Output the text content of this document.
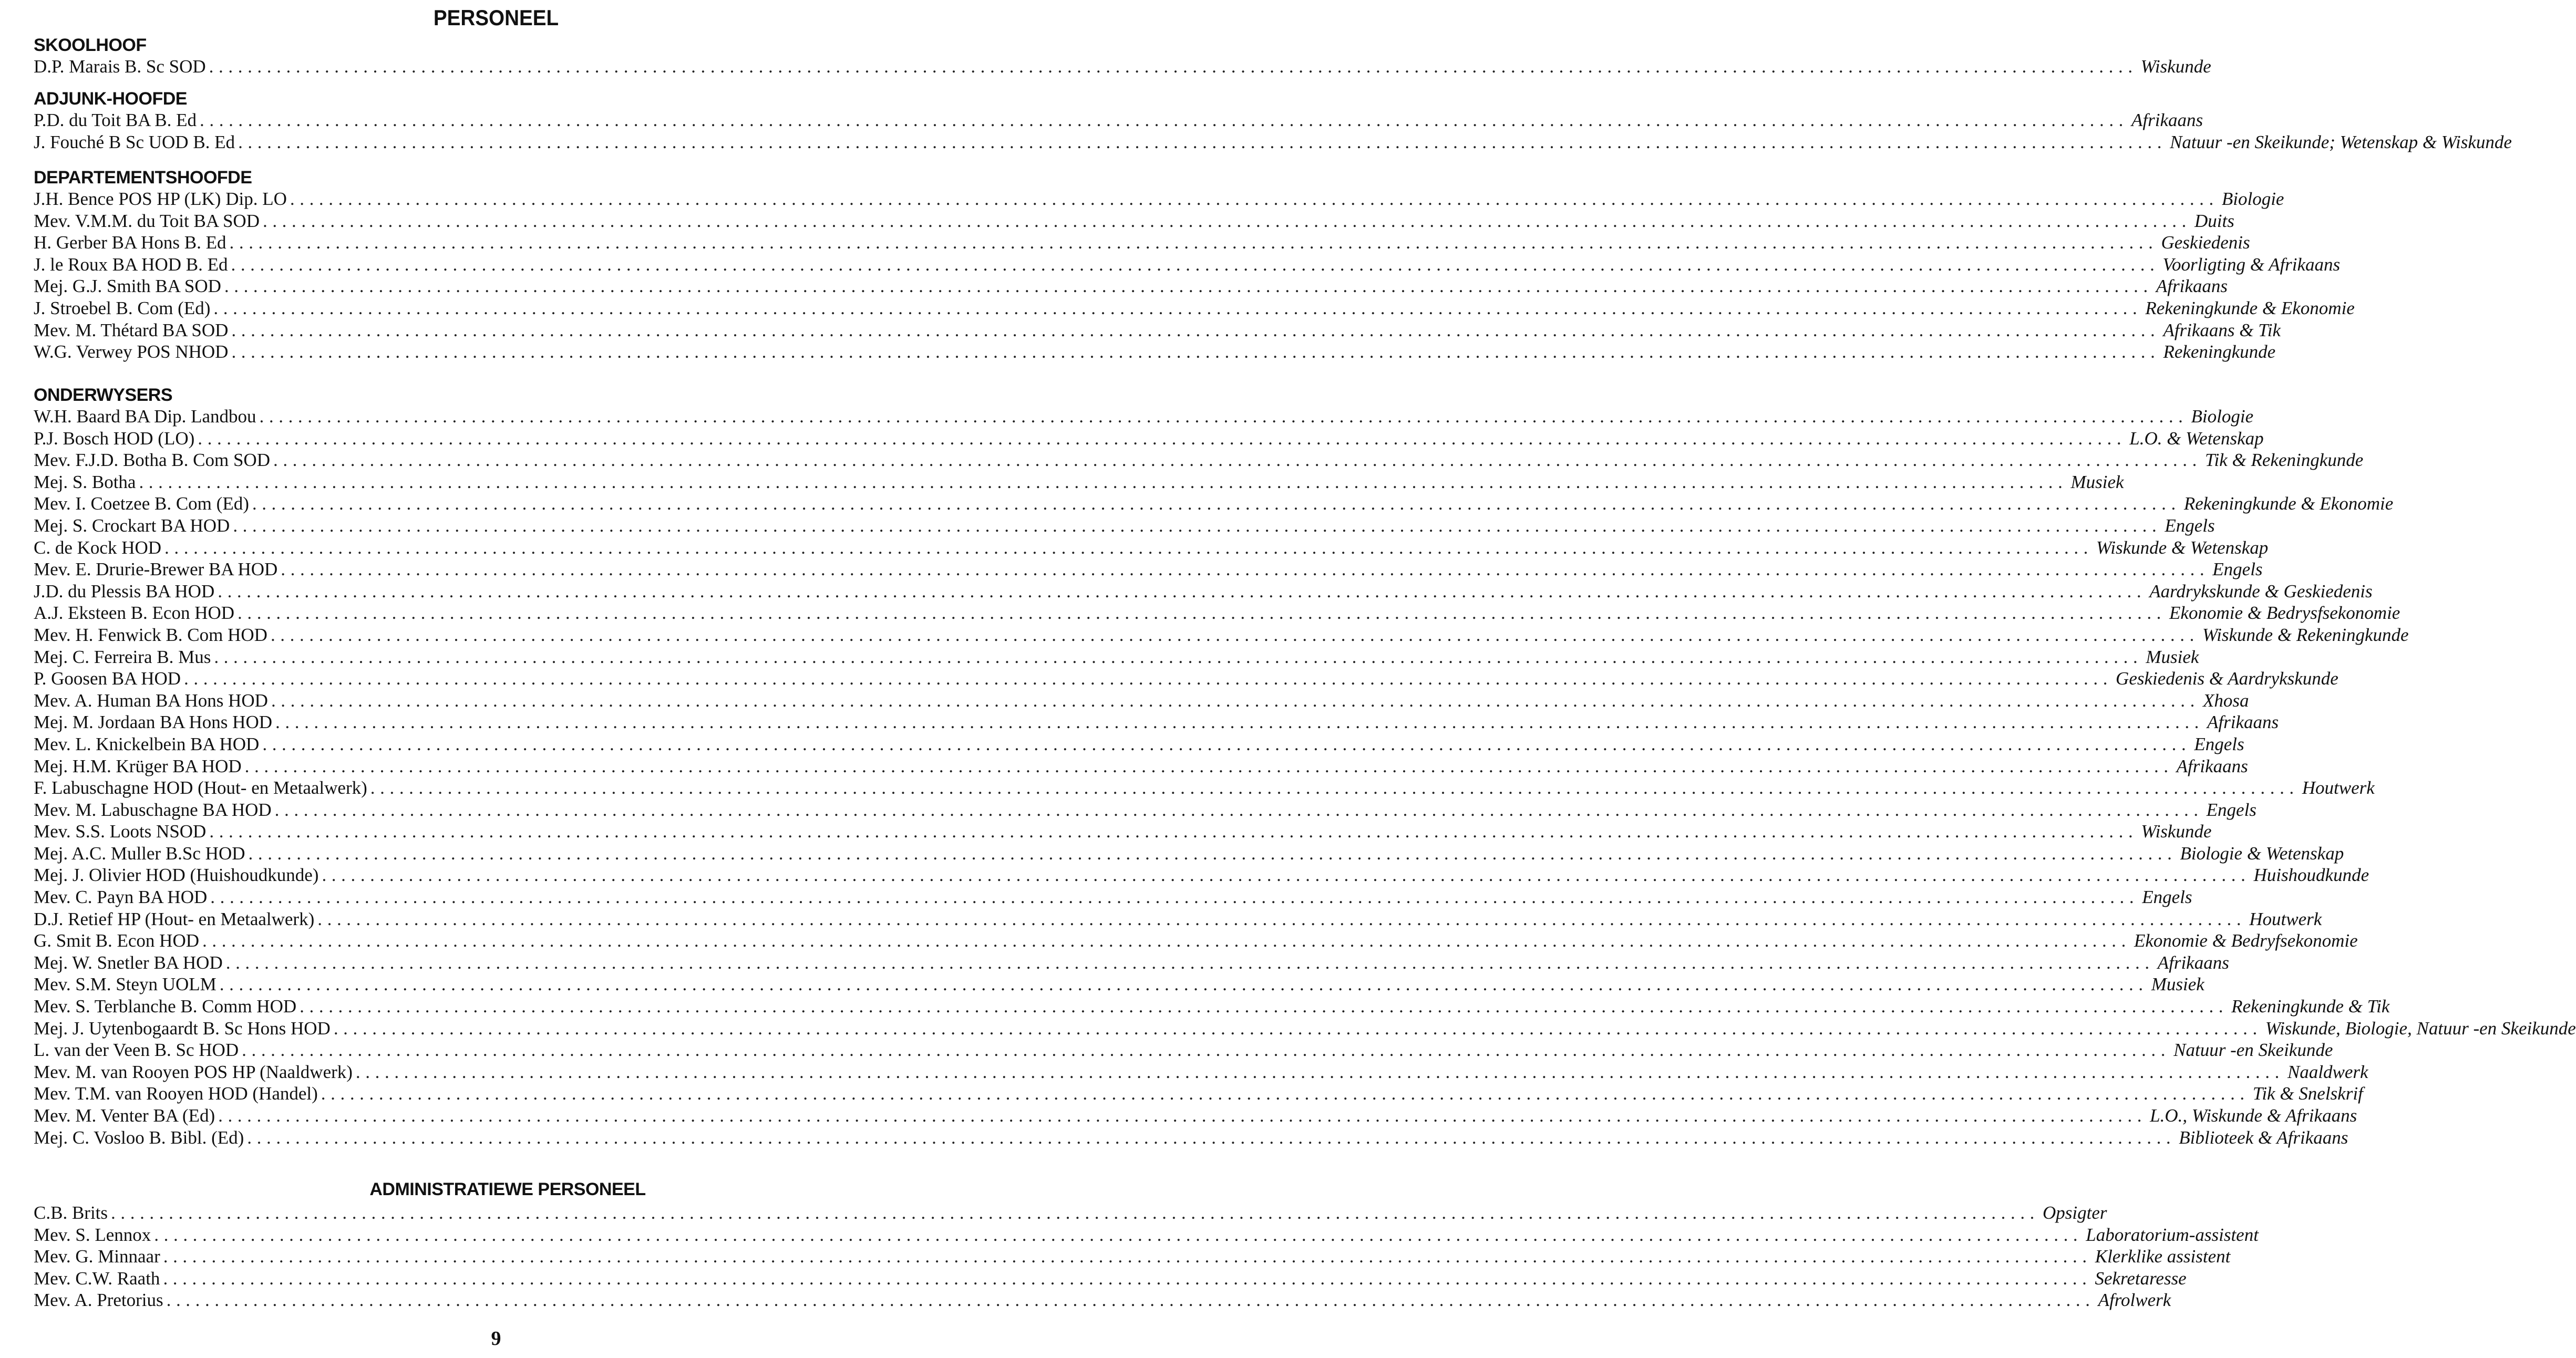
PERSONEEL
SKOOLHOOF
D.P. Marais B. Sc SOD ........................................................................................................................................................................................................ Wiskunde
ADJUNK-HOOFDE
P.D. du Toit BA B. Ed ........................................................................................................................................................................................................ Afrikaans
J. Fouché B Sc UOD B. Ed ........................................................................................................................................................................................................ Natuur -en Skeikunde; Wetenskap & Wiskunde
DEPARTEMENTSHOOFDE
J.H. Bence POS HP (LK) Dip. LO ........................................................................................................................................................................................................ Biologie
Mev. V.M.M. du Toit BA SOD ........................................................................................................................................................................................................ Duits
H. Gerber BA Hons B. Ed ........................................................................................................................................................................................................ Geskiedenis
J. le Roux BA HOD B. Ed ........................................................................................................................................................................................................ Voorligting & Afrikaans
Mej. G.J. Smith BA SOD ........................................................................................................................................................................................................ Afrikaans
J. Stroebel B. Com (Ed) ........................................................................................................................................................................................................ Rekeningkunde & Ekonomie
Mev. M. Thétard BA SOD ........................................................................................................................................................................................................ Afrikaans & Tik
W.G. Verwey POS NHOD ........................................................................................................................................................................................................ Rekeningkunde
ONDERWYSERS
W.H. Baard BA Dip. Landbou ........................................................................................................................................................................................................ Biologie
P.J. Bosch HOD (LO) ........................................................................................................................................................................................................ L.O. & Wetenskap
Mev. F.J.D. Botha B. Com SOD ........................................................................................................................................................................................................ Tik & Rekeningkunde
Mej. S. Botha ........................................................................................................................................................................................................ Musiek
Mev. I. Coetzee B. Com (Ed) ........................................................................................................................................................................................................ Rekeningkunde & Ekonomie
Mej. S. Crockart BA HOD ........................................................................................................................................................................................................ Engels
C. de Kock HOD ........................................................................................................................................................................................................ Wiskunde & Wetenskap
Mev. E. Drurie-Brewer BA HOD ........................................................................................................................................................................................................ Engels
J.D. du Plessis BA HOD ........................................................................................................................................................................................................ Aardrykskunde & Geskiedenis
A.J. Eksteen B. Econ HOD ........................................................................................................................................................................................................ Ekonomie & Bedrysfsekonomie
Mev. H. Fenwick B. Com HOD ........................................................................................................................................................................................................ Wiskunde & Rekeningkunde
Mej. C. Ferreira B. Mus ........................................................................................................................................................................................................ Musiek
P. Goosen BA HOD ........................................................................................................................................................................................................ Geskiedenis & Aardrykskunde
Mev. A. Human BA Hons HOD ........................................................................................................................................................................................................ Xhosa
Mej. M. Jordaan BA Hons HOD ........................................................................................................................................................................................................ Afrikaans
Mev. L. Knickelbein BA HOD ........................................................................................................................................................................................................ Engels
Mej. H.M. Krüger BA HOD ........................................................................................................................................................................................................ Afrikaans
F. Labuschagne HOD (Hout- en Metaalwerk) ........................................................................................................................................................................................................ Houtwerk
Mev. M. Labuschagne BA HOD ........................................................................................................................................................................................................ Engels
Mev. S.S. Loots NSOD ........................................................................................................................................................................................................ Wiskunde
Mej. A.C. Muller B.Sc HOD ........................................................................................................................................................................................................ Biologie & Wetenskap
Mej. J. Olivier HOD (Huishoudkunde) ........................................................................................................................................................................................................ Huishoudkunde
Mev. C. Payn BA HOD ........................................................................................................................................................................................................ Engels
D.J. Retief HP (Hout- en Metaalwerk) ........................................................................................................................................................................................................ Houtwerk
G. Smit B. Econ HOD ........................................................................................................................................................................................................ Ekonomie & Bedryfsekonomie
Mej. W. Snetler BA HOD ........................................................................................................................................................................................................ Afrikaans
Mev. S.M. Steyn UOLM ........................................................................................................................................................................................................ Musiek
Mev. S. Terblanche B. Comm HOD ........................................................................................................................................................................................................ Rekeningkunde & Tik
Mej. J. Uytenbogaardt B. Sc Hons HOD ........................................................................................................................................................................................................ Wiskunde, Biologie, Natuur -en Skeikunde
L. van der Veen B. Sc HOD ........................................................................................................................................................................................................ Natuur -en Skeikunde
Mev. M. van Rooyen POS HP (Naaldwerk) ........................................................................................................................................................................................................ Naaldwerk
Mev. T.M. van Rooyen HOD (Handel) ........................................................................................................................................................................................................ Tik & Snelskrif
Mev. M. Venter BA (Ed) ........................................................................................................................................................................................................ L.O., Wiskunde & Afrikaans
Mej. C. Vosloo B. Bibl. (Ed) ........................................................................................................................................................................................................ Biblioteek & Afrikaans
ADMINISTRATIEWE PERSONEEL
C.B. Brits ........................................................................................................................................................................................................ Opsigter
Mev. S. Lennox ........................................................................................................................................................................................................ Laboratorium-assistent
Mev. G. Minnaar ........................................................................................................................................................................................................ Klerklike assistent
Mev. C.W. Raath ........................................................................................................................................................................................................ Sekretaresse
Mev. A. Pretorius ........................................................................................................................................................................................................ Afrolwerk
9
